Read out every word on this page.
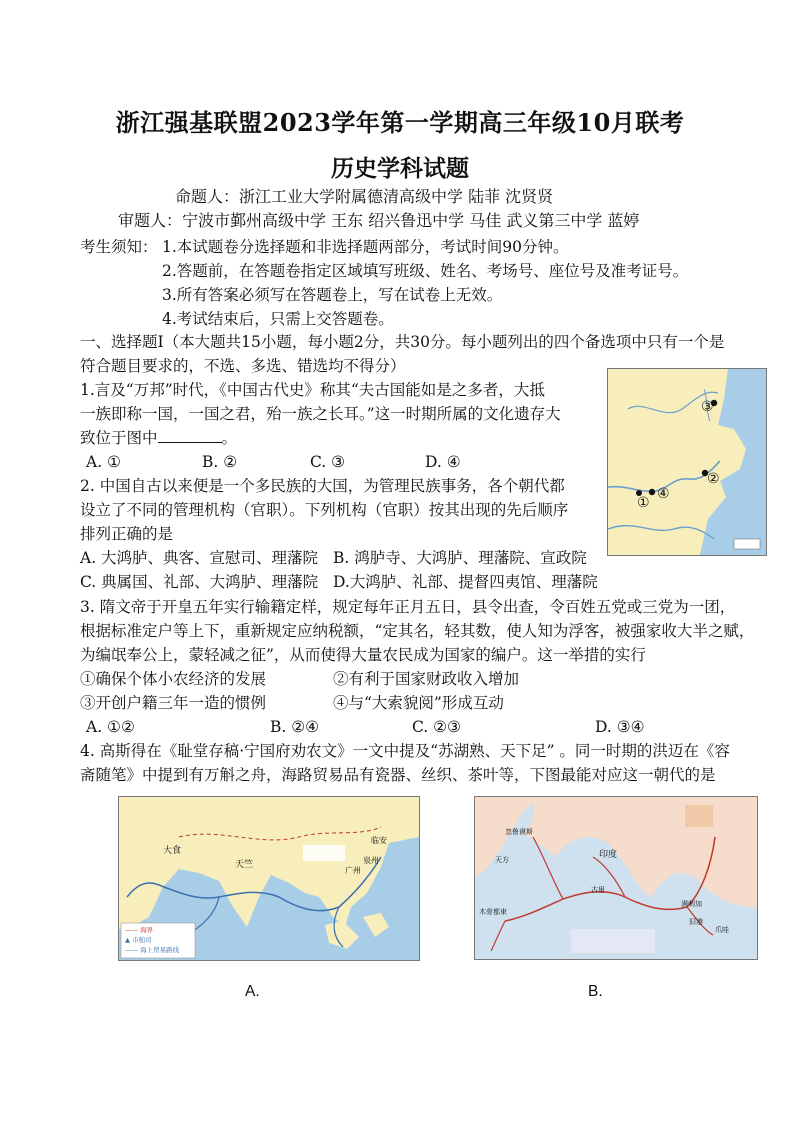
浙江强基联盟2023学年第一学期高三年级10月联考
历史学科试题
命题人：浙江工业大学附属德清高级中学 陆菲 沈贤贤
审题人：宁波市鄞州高级中学 王东 绍兴鲁迅中学 马佳 武义第三中学 蓝婷
考生须知： 1.本试题卷分选择题和非选择题两部分，考试时间90分钟。
2.答题前，在答题卷指定区域填写班级、姓名、考场号、座位号及准考证号。
3.所有答案必须写在答题卷上，写在试卷上无效。
4.考试结束后，只需上交答题卷。
一、选择题Ⅰ（本大题共15小题，每小题2分，共30分。每小题列出的四个备选项中只有一个是
符合题目要求的，不选、多选、错选均不得分）
1.言及“万邦”时代，《中国古代史》称其“夫古国能如是之多者，大抵
一族即称一国，一国之君，殆一族之长耳。”这一时期所属的文化遗存大
致位于图中	。
A. ①	B. ②	C. ③	D. ④
①
②
③
④
2. 中国自古以来便是一个多民族的大国，为管理民族事务，各个朝代都
设立了不同的管理机构（官职）。下列机构（官职）按其出现的先后顺序
排列正确的是
A. 大鸿胪、典客、宣慰司、理藩院 B. 鸿胪寺、大鸿胪、理藩院、宣政院
C. 典属国、礼部、大鸿胪、理藩院 D.大鸿胪、礼部、提督四夷馆、理藩院
3. 隋文帝于开皇五年实行输籍定样，规定每年正月五日，县令出查，令百姓五党或三党为一团，
根据标准定户等上下，重新规定应纳税额，“定其名，轻其数，使人知为浮客，被强家收大半之赋，
为编氓奉公上，蒙轻减之征”，从而使得大量农民成为国家的编户。这一举措的实行
①确保个体小农经济的发展	②有利于国家财政收入增加
③开创户籍三年一造的惯例	④与“大索貌阅”形成互动
A. ①②	B. ②④	C. ②③	D. ③④
4. 高斯得在《耻堂存稿·宁国府劝农文》一文中提及“苏湖熟、天下足” 。同一时期的洪迈在《容
斋随笔》中提到有万斛之舟，海路贸易品有瓷器、丝织、茶叶等，下图最能对应这一朝代的是
大食
天竺
广州
泉州
临安
—— 海界
▲ 市舶司
—— 海上贸易路线
A.
忽鲁谟斯
天方
古里
印度
木骨都束
满剌加
旧港
爪哇
B.
